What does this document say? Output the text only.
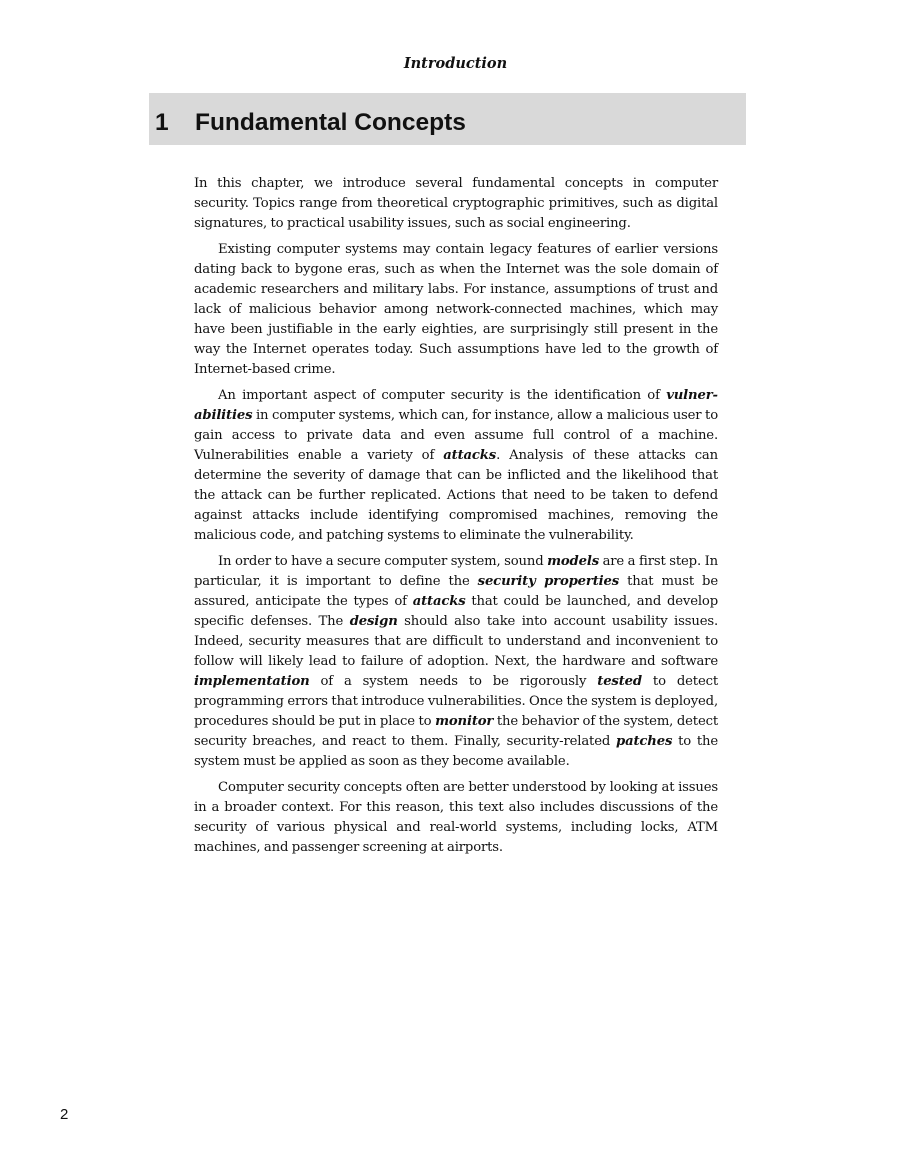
Introduction
1 Fundamental Concepts

In this chapter, we introduce several fundamental concepts in computer security. Topics range from theoretical cryptographic primitives, such as digital signatures, to practical usability issues, such as social engineering.

Existing computer systems may contain legacy features of earlier versions dating back to bygone eras, such as when the Internet was the sole domain of academic researchers and military labs. For instance, assumptions of trust and lack of malicious behavior among network-connected machines, which may have been justifiable in the early eighties, are surprisingly still present in the way the Internet operates today. Such assumptions have led to the growth of Internet-based crime.

An important aspect of computer security is the identification of vulnerabilities in computer systems, which can, for instance, allow a malicious user to gain access to private data and even assume full control of a machine. Vulnerabilities enable a variety of attacks. Analysis of these attacks can determine the severity of damage that can be inflicted and the likelihood that the attack can be further replicated. Actions that need to be taken to defend against attacks include identifying compromised machines, removing the malicious code, and patching systems to eliminate the vulnerability.

In order to have a secure computer system, sound models are a first step. In particular, it is important to define the security properties that must be assured, anticipate the types of attacks that could be launched, and develop specific defenses. The design should also take into account usability issues. Indeed, security measures that are difficult to understand and inconvenient to follow will likely lead to failure of adoption. Next, the hardware and software implementation of a system needs to be rigorously tested to detect programming errors that introduce vulnerabilities. Once the system is deployed, procedures should be put in place to monitor the behavior of the system, detect security breaches, and react to them. Finally, security-related patches to the system must be applied as soon as they become available.

Computer security concepts often are better understood by looking at issues in a broader context. For this reason, this text also includes discussions of the security of various physical and real-world systems, including locks, ATM machines, and passenger screening at airports.

2
